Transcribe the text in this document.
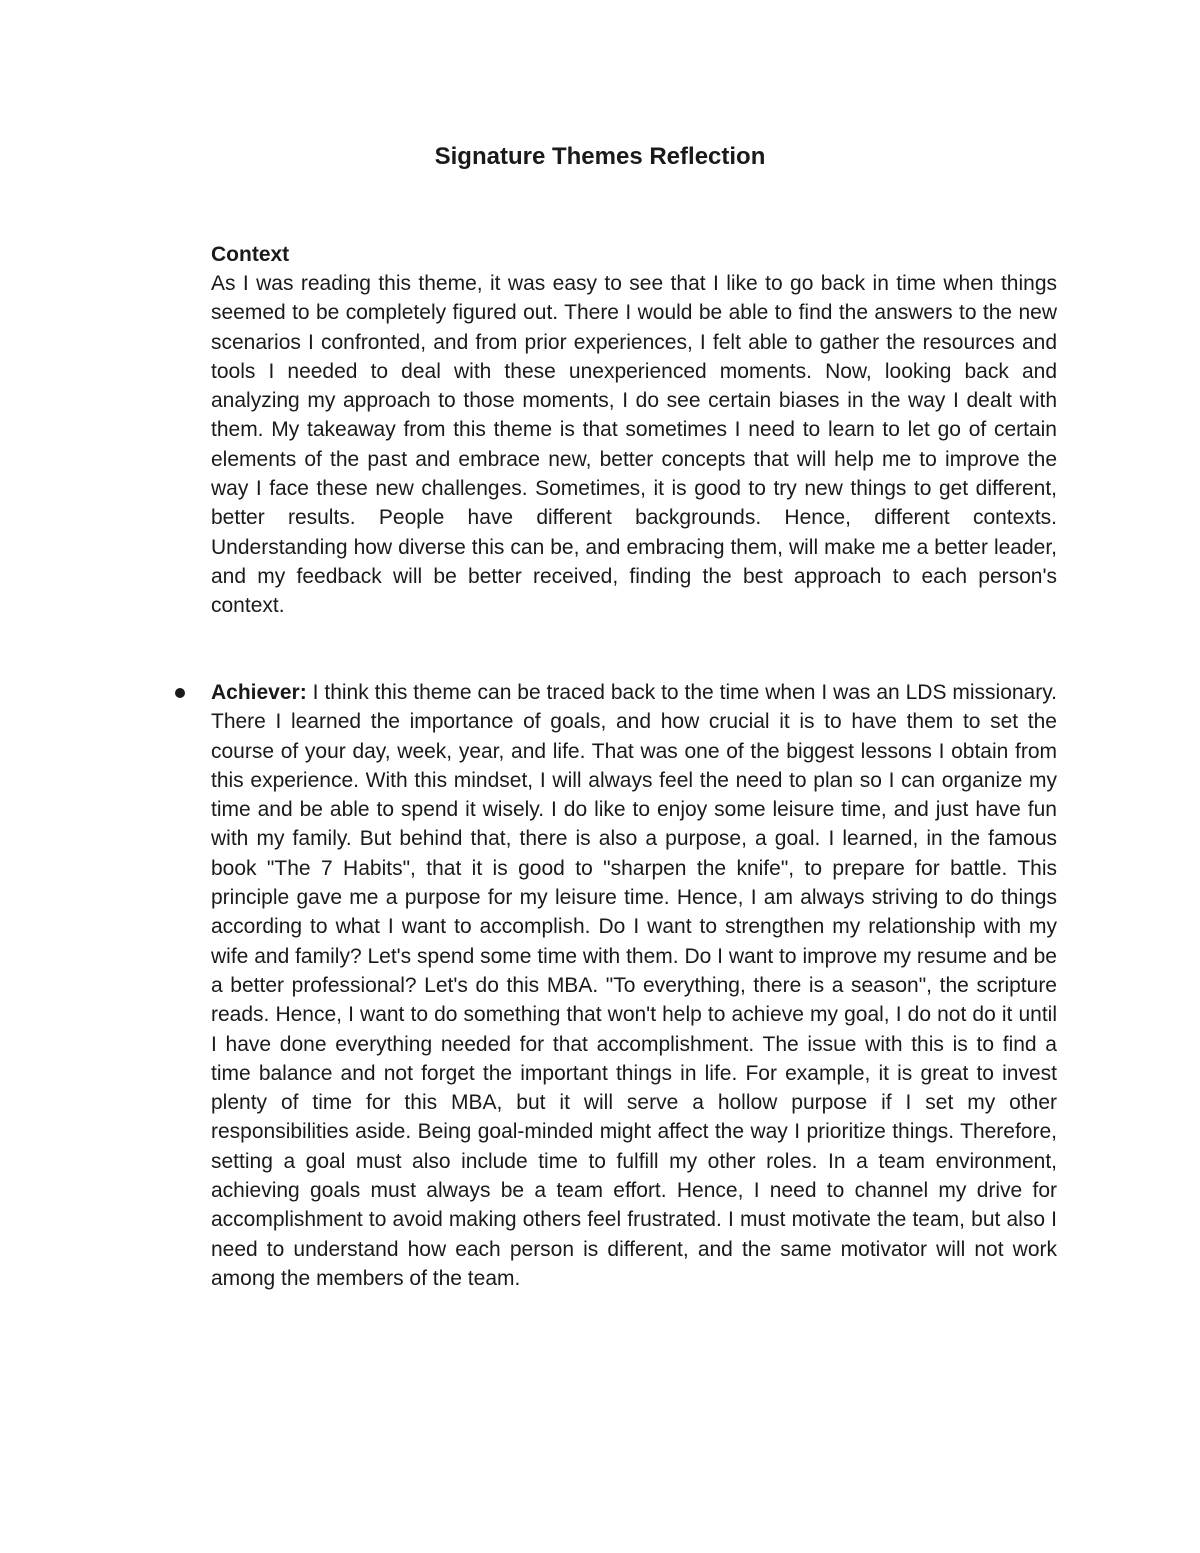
Signature Themes Reflection

Context

As I was reading this theme, it was easy to see that I like to go back in time when things seemed to be completely figured out. There I would be able to find the answers to the new scenarios I confronted, and from prior experiences, I felt able to gather the resources and tools I needed to deal with these unexperienced moments. Now, looking back and analyzing my approach to those moments, I do see certain biases in the way I dealt with them. My takeaway from this theme is that sometimes I need to learn to let go of certain elements of the past and embrace new, better concepts that will help me to improve the way I face these new challenges. Sometimes, it is good to try new things to get different, better results. People have different backgrounds. Hence, different contexts. Understanding how diverse this can be, and embracing them, will make me a better leader, and my feedback will be better received, finding the best approach to each person's context.

Achiever: I think this theme can be traced back to the time when I was an LDS missionary. There I learned the importance of goals, and how crucial it is to have them to set the course of your day, week, year, and life. That was one of the biggest lessons I obtain from this experience. With this mindset, I will always feel the need to plan so I can organize my time and be able to spend it wisely. I do like to enjoy some leisure time, and just have fun with my family. But behind that, there is also a purpose, a goal. I learned, in the famous book "The 7 Habits", that it is good to "sharpen the knife", to prepare for battle. This principle gave me a purpose for my leisure time. Hence, I am always striving to do things according to what I want to accomplish. Do I want to strengthen my relationship with my wife and family? Let's spend some time with them. Do I want to improve my resume and be a better professional? Let's do this MBA. "To everything, there is a season", the scripture reads. Hence, I want to do something that won't help to achieve my goal, I do not do it until I have done everything needed for that accomplishment. The issue with this is to find a time balance and not forget the important things in life. For example, it is great to invest plenty of time for this MBA, but it will serve a hollow purpose if I set my other responsibilities aside. Being goal-minded might affect the way I prioritize things. Therefore, setting a goal must also include time to fulfill my other roles. In a team environment, achieving goals must always be a team effort. Hence, I need to channel my drive for accomplishment to avoid making others feel frustrated. I must motivate the team, but also I need to understand how each person is different, and the same motivator will not work among the members of the team.
